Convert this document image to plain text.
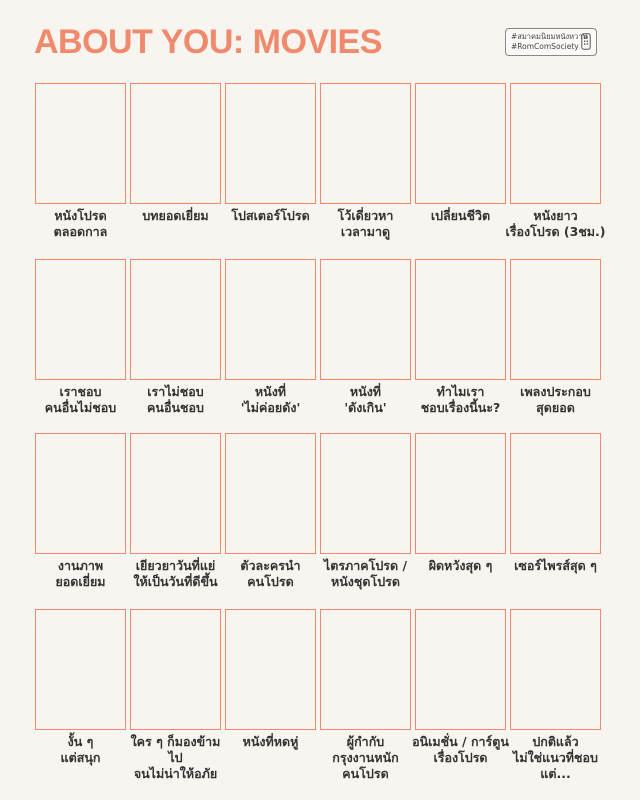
ABOUT YOU: MOVIES	#สมาคมนิยมหนังหวาน
#RomComSociety
หนังโปรด
ตลอดกาล
บทยอดเยี่ยม	โปสเตอร์โปรด	โว้เดี่ยวหา
เวลามาดู
เปลี่ยนชีวิต	หนังยาว
เรื่องโปรด (3ชม.)
เราชอบ
คนอื่นไม่ชอบ
เราไม่ชอบ
คนอื่นชอบ
หนังที่
'ไม่ค่อยดัง'
หนังที่
'ดังเกิน'
ทำไมเรา
ชอบเรื่องนี้นะ?
เพลงประกอบ
สุดยอด
งานภาพ
ยอดเยี่ยม
เยียวยาวันที่แย่
ให้เป็นวันที่ดีขึ้น
ตัวละครนำ
คนโปรด
ไตรภาคโปรด /
หนังชุดโปรด
ผิดหวังสุด ๆ	เซอร์ไพรส์สุด ๆ
งั้น ๆ
แต่สนุก
ใคร ๆ ก็มองข้ามไป
จนไม่น่าให้อภัย
หนังที่หดหู่	ผู้กำกับ
กรุงงานหนัก
คนโปรด
อนิเมชั่น / การ์ตูน
เรื่องโปรด
ปกติแล้ว
ไม่ใช่แนวที่ชอบ
แต่...
